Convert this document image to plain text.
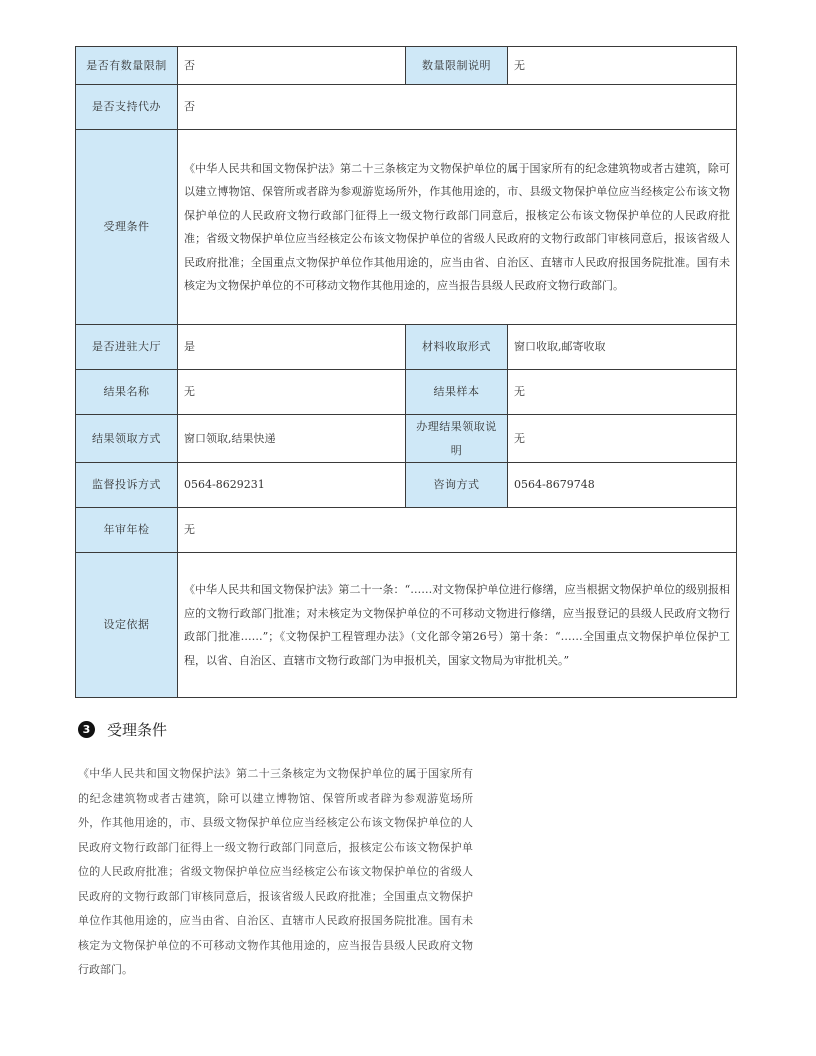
是否有数量限制	否	数量限制说明	无
是否支持代办	否		
受理条件	《中华人民共和国文物保护法》第二十三条核定为文物保护单位的属于国家所有的纪念建筑物或者古建筑，除可以建立博物馆、保管所或者辟为参观游览场所外，作其他用途的，市、县级文物保护单位应当经核定公布该文物保护单位的人民政府文物行政部门征得上一级文物行政部门同意后，报核定公布该文物保护单位的人民政府批准；省级文物保护单位应当经核定公布该文物保护单位的省级人民政府的文物行政部门审核同意后，报该省级人民政府批准；全国重点文物保护单位作其他用途的，应当由省、自治区、直辖市人民政府报国务院批准。国有未核定为文物保护单位的不可移动文物作其他用途的，应当报告县级人民政府文物行政部门。		
是否进驻大厅	是	材料收取形式	窗口收取,邮寄收取
结果名称	无	结果样本	无
结果领取方式	窗口领取,结果快递	办理结果领取说明	无
监督投诉方式	0564-8629231	咨询方式	0564-8679748
年审年检	无		
设定依据	《中华人民共和国文物保护法》第二十一条：“……对文物保护单位进行修缮，应当根据文物保护单位的级别报相应的文物行政部门批准；对未核定为文物保护单位的不可移动文物进行修缮，应当报登记的县级人民政府文物行政部门批准……”；《文物保护工程管理办法》（文化部令第26号）第十条：“……全国重点文物保护单位保护工程，以省、自治区、直辖市文物行政部门为申报机关，国家文物局为审批机关。”		
3	受理条件

《中华人民共和国文物保护法》第二十三条核定为文物保护单位的属于国家所有的纪念建筑物或者古建筑，除可以建立博物馆、保管所或者辟为参观游览场所外，作其他用途的，市、县级文物保护单位应当经核定公布该文物保护单位的人民政府文物行政部门征得上一级文物行政部门同意后，报核定公布该文物保护单位的人民政府批准；省级文物保护单位应当经核定公布该文物保护单位的省级人民政府的文物行政部门审核同意后，报该省级人民政府批准；全国重点文物保护单位作其他用途的，应当由省、自治区、直辖市人民政府报国务院批准。国有未核定为文物保护单位的不可移动文物作其他用途的，应当报告县级人民政府文物行政部门。
